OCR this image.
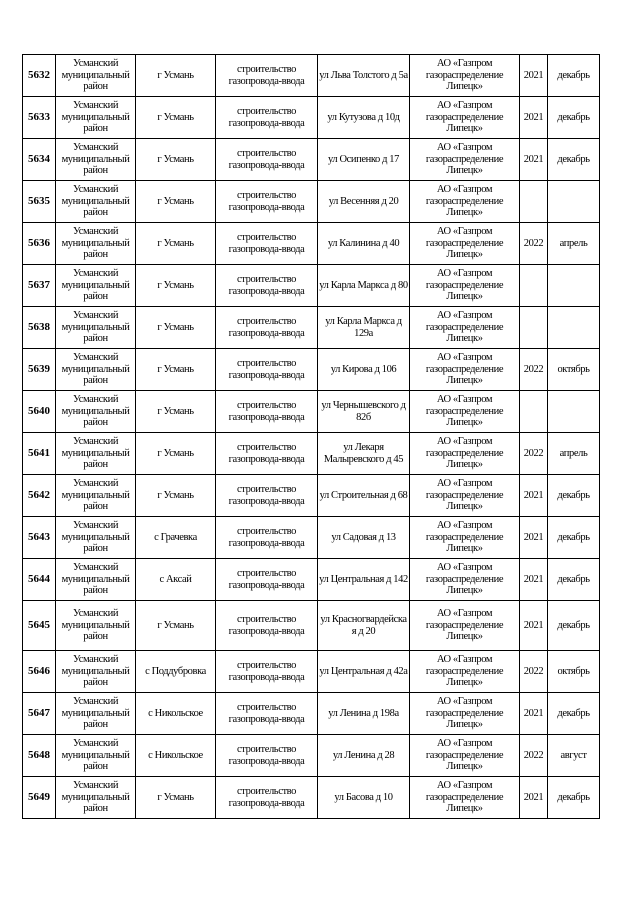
5632	Усманский муниципальный район	г Усмань	строительство газопровода-ввода	ул Льва Толстого д 5а	АО «Газпром газораспределение Липецк»	2021	декабрь
5633	Усманский муниципальный район	г Усмань	строительство газопровода-ввода	ул Кутузова д 10д	АО «Газпром газораспределение Липецк»	2021	декабрь
5634	Усманский муниципальный район	г Усмань	строительство газопровода-ввода	ул Осипенко д 17	АО «Газпром газораспределение Липецк»	2021	декабрь
5635	Усманский муниципальный район	г Усмань	строительство газопровода-ввода	ул Весенняя д 20	АО «Газпром газораспределение Липецк»		
5636	Усманский муниципальный район	г Усмань	строительство газопровода-ввода	ул Калинина д 40	АО «Газпром газораспределение Липецк»	2022	апрель
5637	Усманский муниципальный район	г Усмань	строительство газопровода-ввода	ул Карла Маркса д 80	АО «Газпром газораспределение Липецк»		
5638	Усманский муниципальный район	г Усмань	строительство газопровода-ввода	ул Карла Маркса д 129а	АО «Газпром газораспределение Липецк»		
5639	Усманский муниципальный район	г Усмань	строительство газопровода-ввода	ул Кирова д 106	АО «Газпром газораспределение Липецк»	2022	октябрь
5640	Усманский муниципальный район	г Усмань	строительство газопровода-ввода	ул Чернышевского д 82б	АО «Газпром газораспределение Липецк»		
5641	Усманский муниципальный район	г Усмань	строительство газопровода-ввода	ул Лекаря Малыревского д 45	АО «Газпром газораспределение Липецк»	2022	апрель
5642	Усманский муниципальный район	г Усмань	строительство газопровода-ввода	ул Строительная д 68	АО «Газпром газораспределение Липецк»	2021	декабрь
5643	Усманский муниципальный район	с Грачевка	строительство газопровода-ввода	ул Садовая д 13	АО «Газпром газораспределение Липецк»	2021	декабрь
5644	Усманский муниципальный район	с Аксай	строительство газопровода-ввода	ул Центральная д 142	АО «Газпром газораспределение Липецк»	2021	декабрь
5645	Усманский муниципальный район	г Усмань	строительство газопровода-ввода	ул Красногвардейска я д 20	АО «Газпром газораспределение Липецк»	2021	декабрь
5646	Усманский муниципальный район	с Поддубровка	строительство газопровода-ввода	ул Центральная д 42а	АО «Газпром газораспределение Липецк»	2022	октябрь
5647	Усманский муниципальный район	с Никольское	строительство газопровода-ввода	ул Ленина д 198а	АО «Газпром газораспределение Липецк»	2021	декабрь
5648	Усманский муниципальный район	с Никольское	строительство газопровода-ввода	ул Ленина д 28	АО «Газпром газораспределение Липецк»	2022	август
5649	Усманский муниципальный район	г Усмань	строительство газопровода-ввода	ул Басова д 10	АО «Газпром газораспределение Липецк»	2021	декабрь
